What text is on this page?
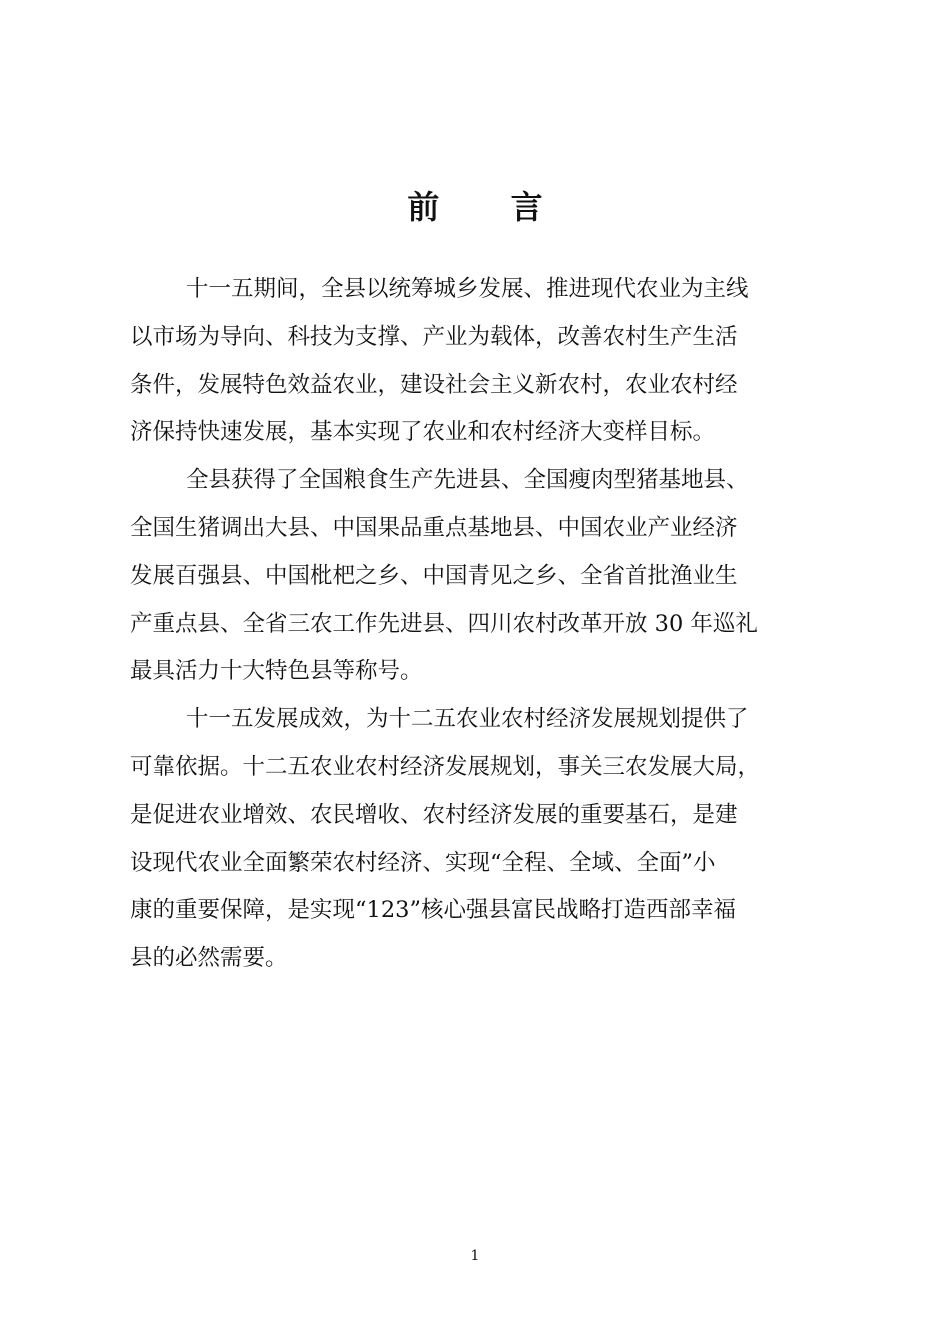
前 言
十一五期间，全县以统筹城乡发展、推进现代农业为主线
以市场为导向、科技为支撑、产业为载体，改善农村生产生活
条件，发展特色效益农业，建设社会主义新农村，农业农村经
济保持快速发展，基本实现了农业和农村经济大变样目标。
全县获得了全国粮食生产先进县、全国瘦肉型猪基地县、
全国生猪调出大县、中国果品重点基地县、中国农业产业经济
发展百强县、中国枇杷之乡、中国青见之乡、全省首批渔业生
产重点县、全省三农工作先进县、四川农村改革开放 30 年巡礼
最具活力十大特色县等称号。
十一五发展成效，为十二五农业农村经济发展规划提供了
可靠依据。十二五农业农村经济发展规划，事关三农发展大局，
是促进农业增效、农民增收、农村经济发展的重要基石，是建
设现代农业全面繁荣农村经济、实现“全程、全域、全面”小
康的重要保障，是实现“123”核心强县富民战略打造西部幸福
县的必然需要。
1
